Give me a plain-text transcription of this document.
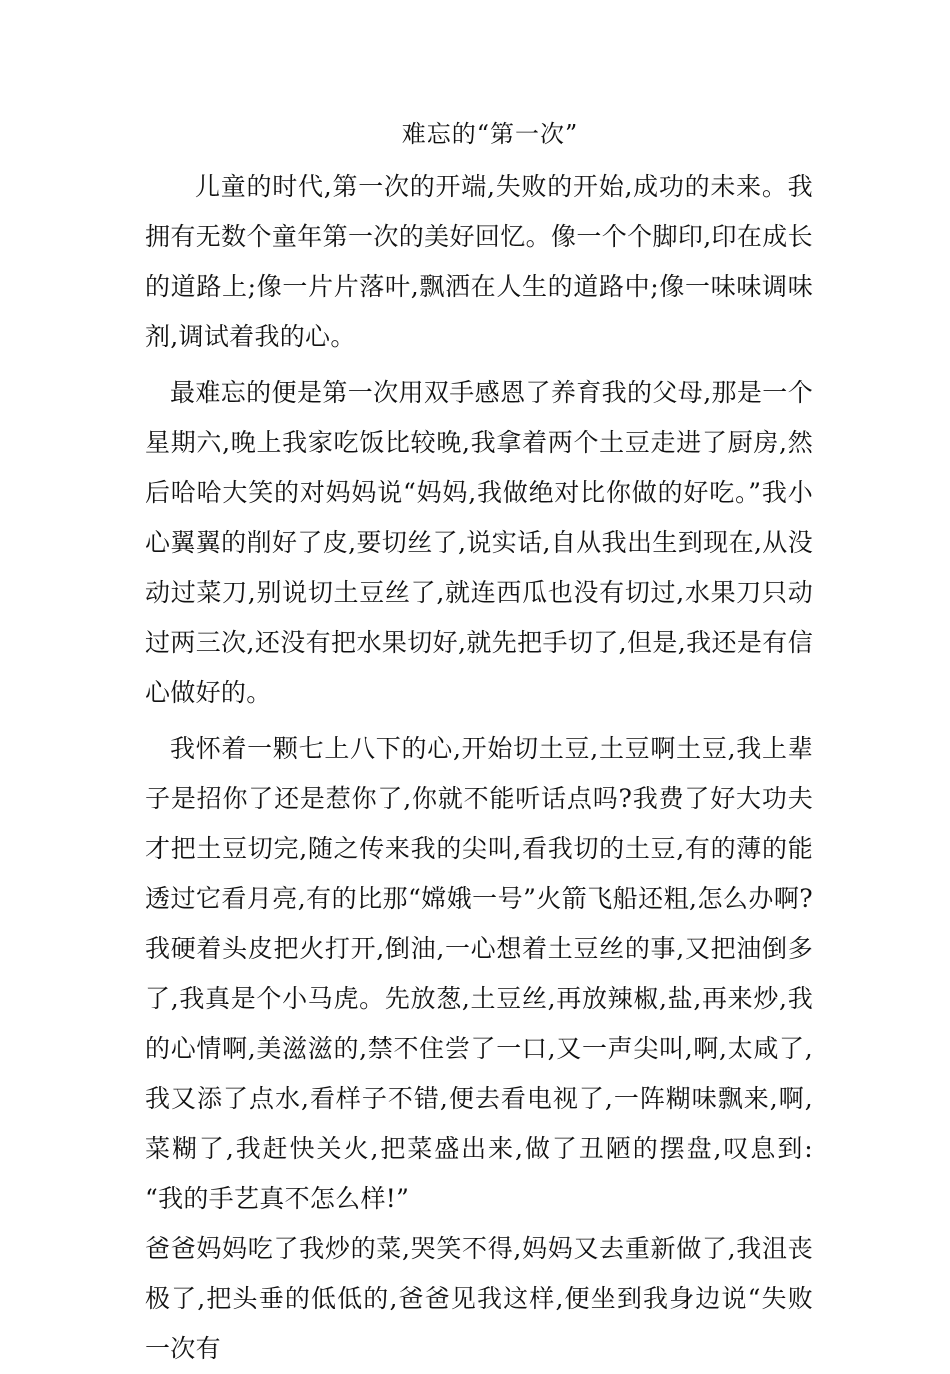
难忘的“第一次”

儿童的时代,第一次的开端,失败的开始,成功的未来。我拥有无数个童年第一次的美好回忆。像一个个脚印,印在成长的道路上;像一片片落叶,飘洒在人生的道路中;像一味味调味剂,调试着我的心。

最难忘的便是第一次用双手感恩了养育我的父母,那是一个星期六,晚上我家吃饭比较晚,我拿着两个土豆走进了厨房,然后哈哈大笑的对妈妈说“妈妈,我做绝对比你做的好吃。”我小心翼翼的削好了皮,要切丝了,说实话,自从我出生到现在,从没动过菜刀,别说切土豆丝了,就连西瓜也没有切过,水果刀只动过两三次,还没有把水果切好,就先把手切了,但是,我还是有信心做好的。

我怀着一颗七上八下的心,开始切土豆,土豆啊土豆,我上辈子是招你了还是惹你了,你就不能听话点吗?我费了好大功夫才把土豆切完,随之传来我的尖叫,看我切的土豆,有的薄的能透过它看月亮,有的比那“嫦娥一号”火箭飞船还粗,怎么办啊?我硬着头皮把火打开,倒油,一心想着土豆丝的事,又把油倒多了,我真是个小马虎。先放葱,土豆丝,再放辣椒,盐,再来炒,我的心情啊,美滋滋的,禁不住尝了一口,又一声尖叫,啊,太咸了,我又添了点水,看样子不错,便去看电视了,一阵糊味飘来,啊,菜糊了,我赶快关火,把菜盛出来,做了丑陋的摆盘,叹息到: “我的手艺真不怎么样!”

爸爸妈妈吃了我炒的菜,哭笑不得,妈妈又去重新做了,我沮丧极了,把头垂的低低的,爸爸见我这样,便坐到我身边说“失败一次有
